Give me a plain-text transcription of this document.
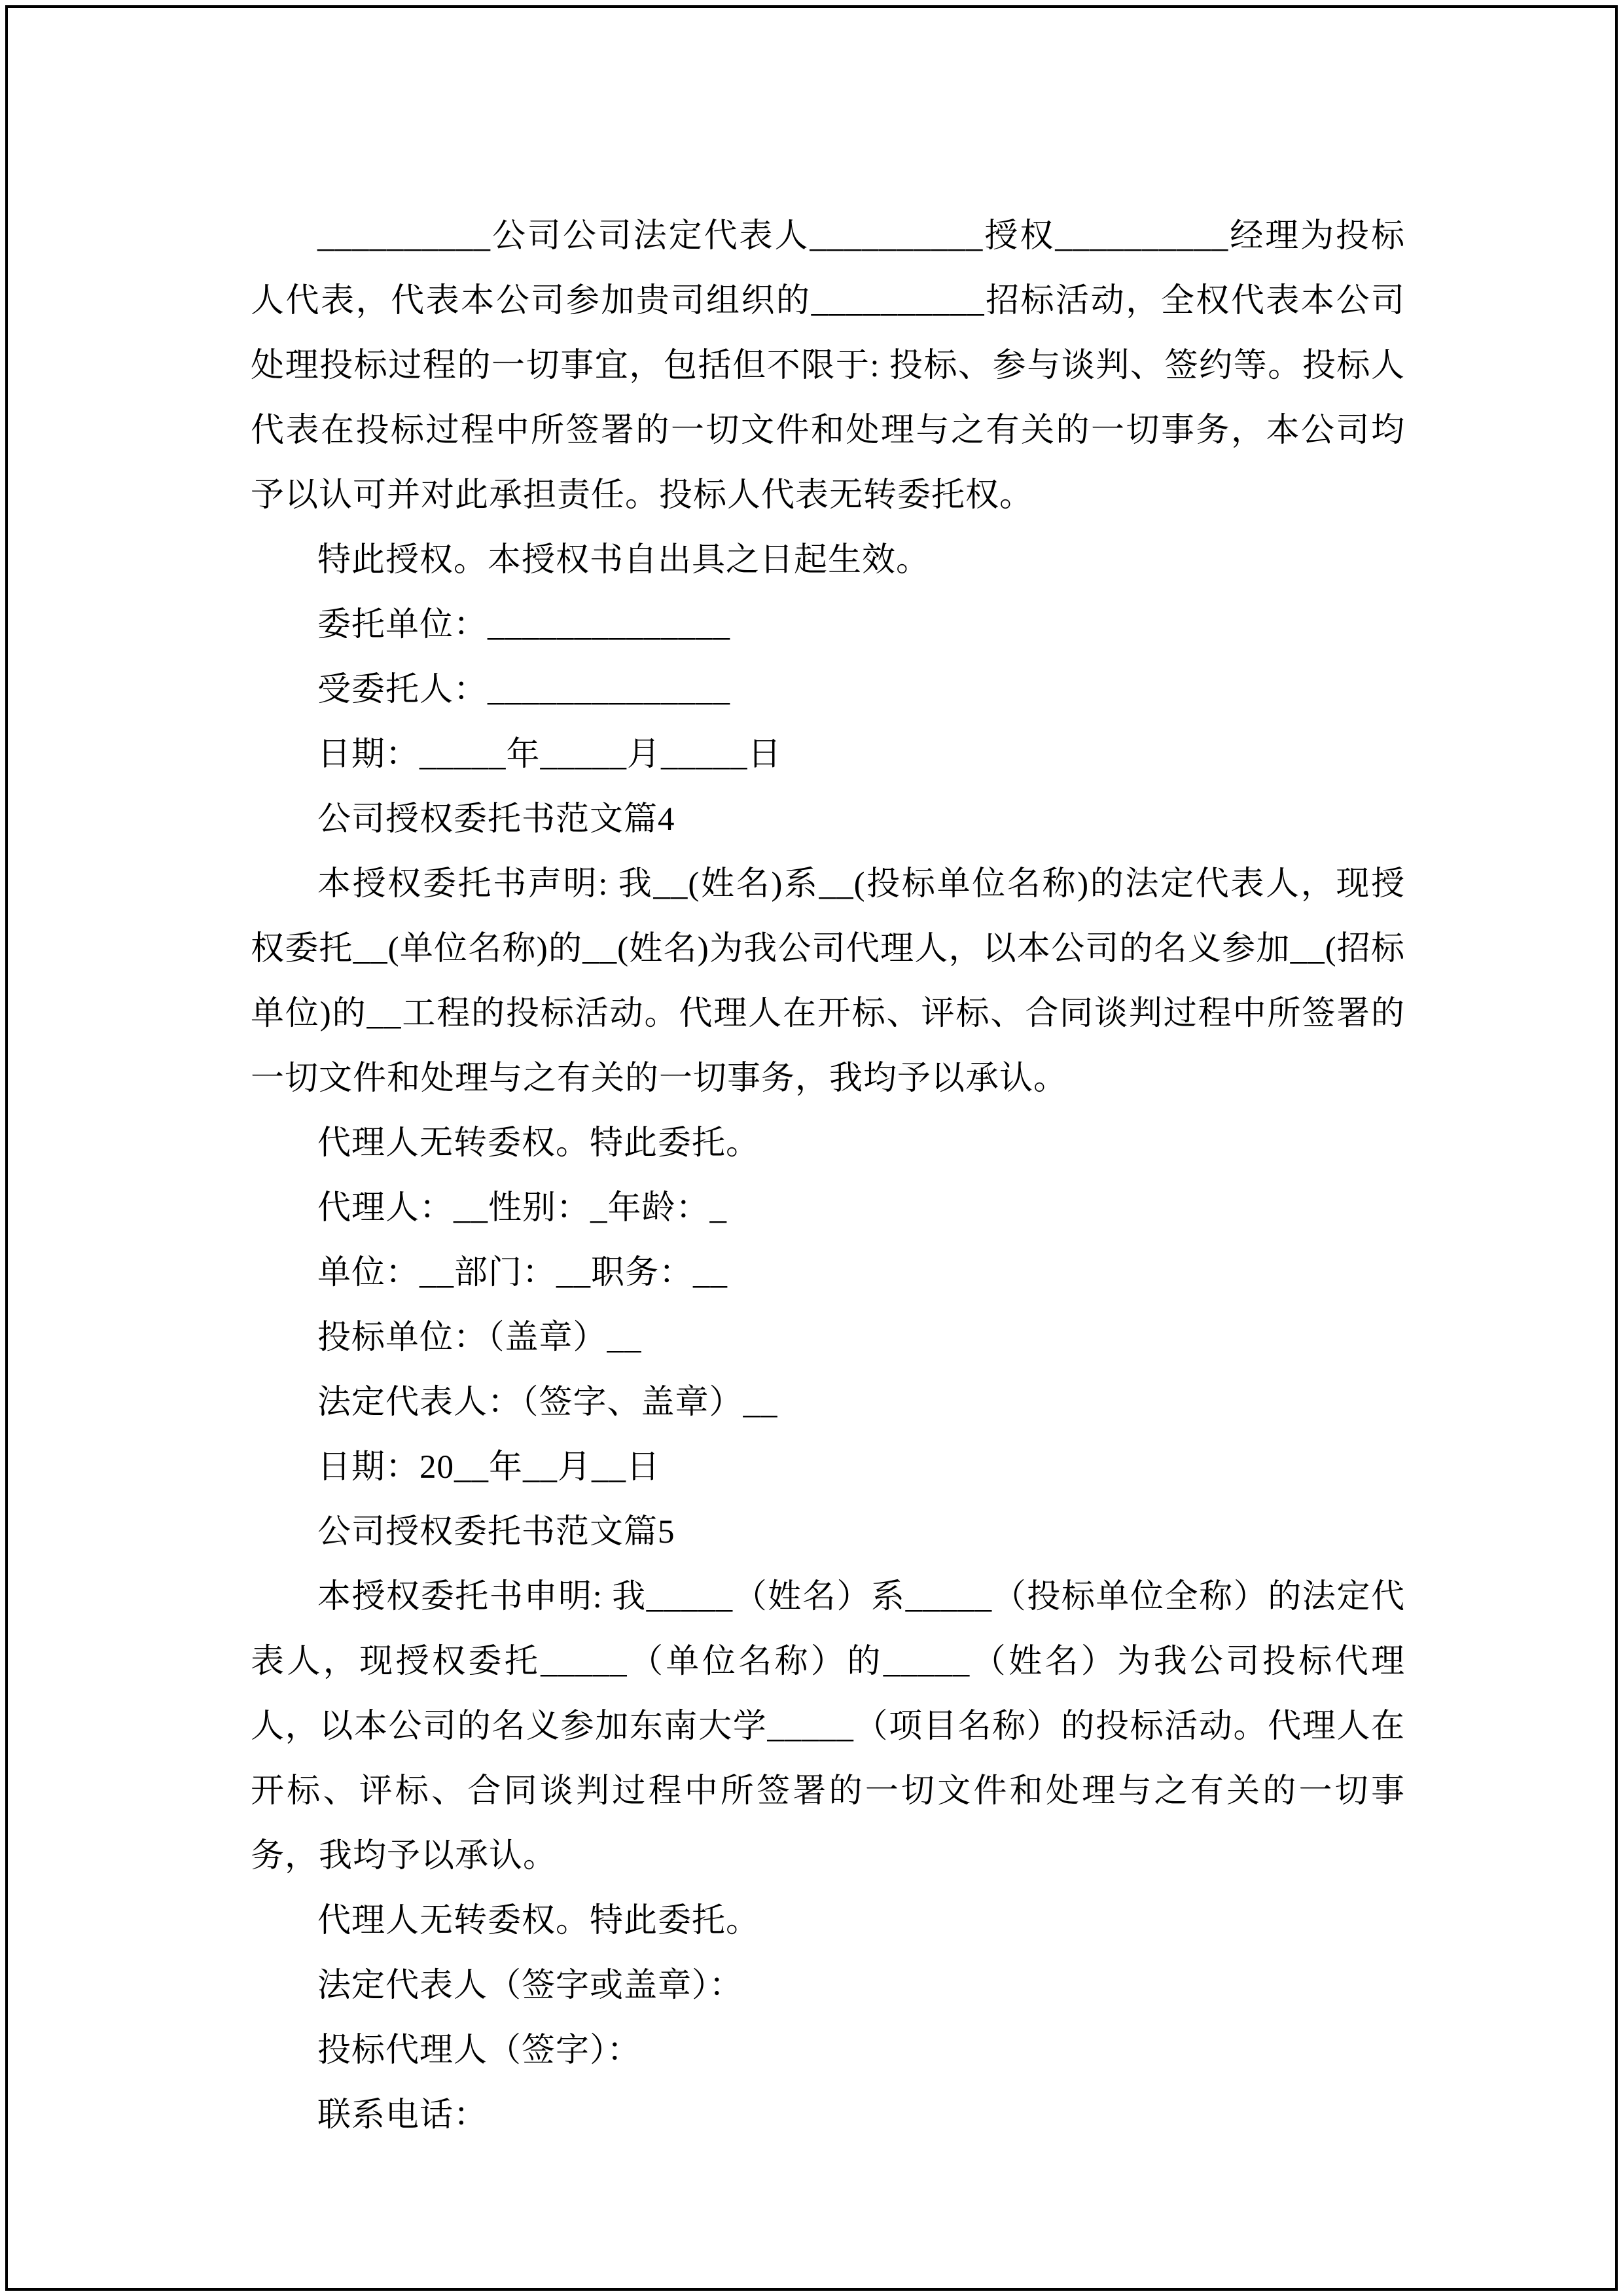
__________公司公司法定代表人__________授权__________经理为投标人代表，代表本公司参加贵司组织的__________招标活动，全权代表本公司处理投标过程的一切事宜，包括但不限于: 投标、参与谈判、签约等。投标人代表在投标过程中所签署的一切文件和处理与之有关的一切事务，本公司均予以认可并对此承担责任。投标人代表无转委托权。

特此授权。本授权书自出具之日起生效。

委托单位：______________

受委托人：______________

日期：_____年_____月_____日

公司授权委托书范文篇4

本授权委托书声明: 我__(姓名)系__(投标单位名称)的法定代表人，现授权委托__(单位名称)的__(姓名)为我公司代理人，以本公司的名义参加__(招标单位)的__工程的投标活动。代理人在开标、评标、合同谈判过程中所签署的一切文件和处理与之有关的一切事务，我均予以承认。

代理人无转委权。特此委托。

代理人：__性别：_年龄：_

单位：__部门：__职务：__

投标单位：（盖章）__

法定代表人：（签字、盖章）__

日期：20__年__月__日

公司授权委托书范文篇5

本授权委托书申明: 我_____（姓名）系_____（投标单位全称）的法定代表人，现授权委托_____（单位名称）的_____（姓名）为我公司投标代理人，以本公司的名义参加东南大学_____（项目名称）的投标活动。代理人在开标、评标、合同谈判过程中所签署的一切文件和处理与之有关的一切事务，我均予以承认。

代理人无转委权。特此委托。

法定代表人（签字或盖章）：

投标代理人（签字）：

联系电话：
